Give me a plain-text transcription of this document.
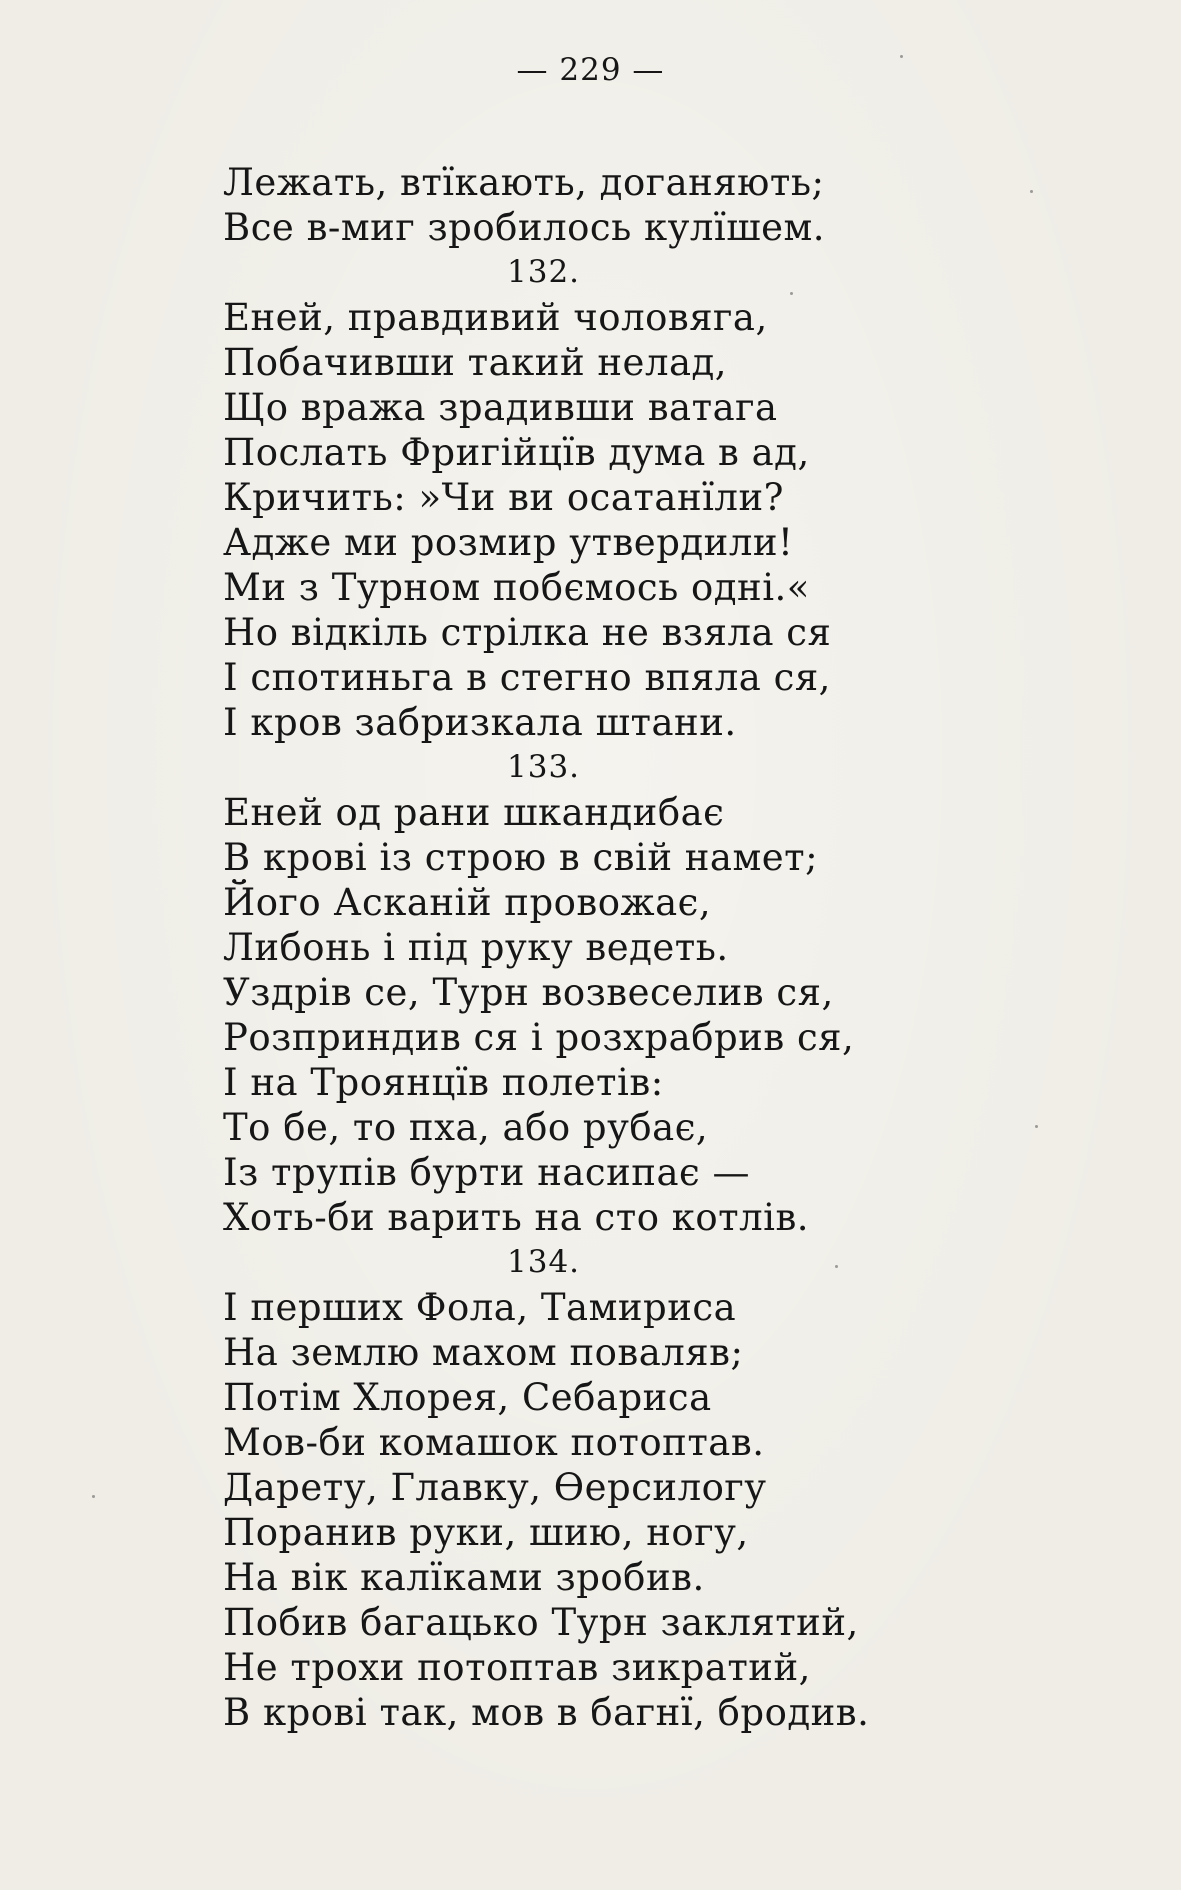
— 229 —
Лежать, втїкають, доганяють;
Все в-миг зробилось кулїшем.
132.
Еней, правдивий чоловяга,
Побачивши такий нелад,
Що вража зрадивши ватага
Послать Фригійцїв дума в ад,
Кричить: »Чи ви осатанїли?
Адже ми розмир утвердили!
Ми з Турном побємось одні.«
Но відкіль стрілка не взяла ся
І спотиньга в стегно впяла ся,
І кров забризкала штани.
133.
Еней од рани шкандибає
В крові із строю в свій намет;
Його Асканій провожає,
Либонь і під руку ведеть.
Уздрів се, Турн возвеселив ся,
Розприндив ся і розхрабрив ся,
І на Троянцїв полетів:
То бе, то пха, або рубає,
Із трупів бурти насипає —
Хоть-би варить на сто котлів.
134.
І перших Фола, Тамириса
На землю махом поваляв;
Потім Хлорея, Себариса
Мов-би комашок потоптав.
Дарету, Главку, Ѳерсилогу
Поранив руки, шию, ногу,
На вік калїками зробив.
Побив багацько Турн заклятий,
Не трохи потоптав зикратий,
В крові так, мов в багнї, бродив.
